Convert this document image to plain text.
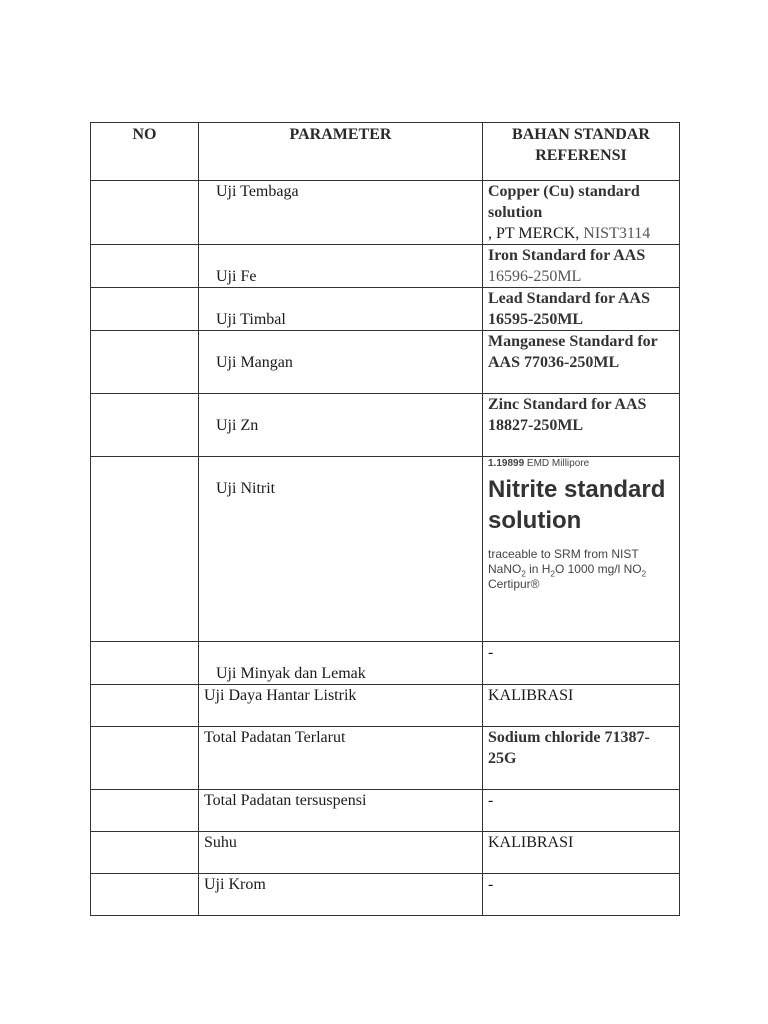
NO	PARAMETER	BAHAN STANDAR REFERENSI

	Uji Tembaga	Copper (Cu) standard solution
, PT MERCK, NIST3114

	Uji Fe	Iron Standard for AAS
16596-250ML

	Uji Timbal	Lead Standard for AAS 16595-250ML

	Uji Mangan	Manganese Standard for AAS 77036-250ML

	Uji Zn	Zinc Standard for AAS 18827-250ML

	Uji Nitrit	1.19899 EMD Millipore
Nitrite standard solution
traceable to SRM from NIST
NaNO$_2$ in $H_2O$ 1000 mg/l $NO_2$
Certipur®

	Uji Minyak dan Lemak	-

	Uji Daya Hantar Listrik	KALIBRASI

	Total Padatan Terlarut	Sodium chloride 71387-25G

	Total Padatan tersuspensi	-

	Suhu	KALIBRASI

	Uji Krom	-
